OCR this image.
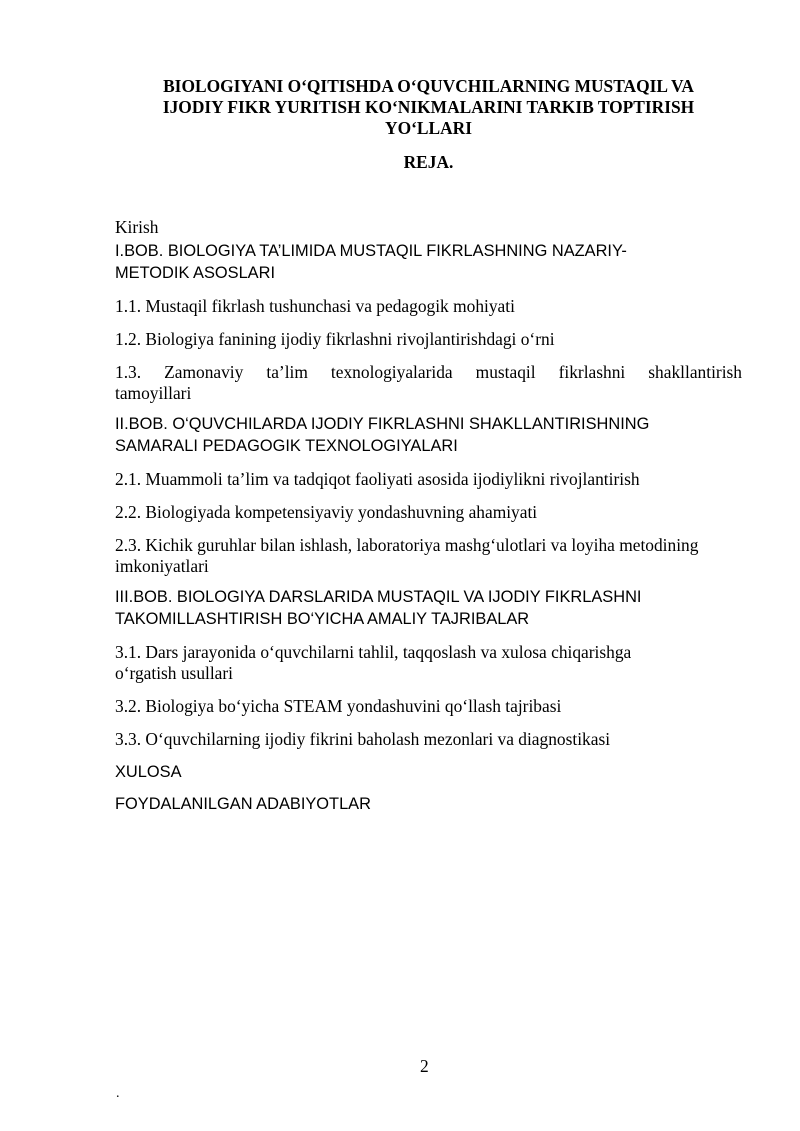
BIOLOGIYANI O‘QITISHDA O‘QUVCHILARNING MUSTAQIL VA
IJODIY FIKR YURITISH KO‘NIKMALARINI TARKIB TOPTIRISH
YO‘LLARI
REJA.
Kirish
I.BOB. BIOLOGIYA TA’LIMIDA MUSTAQIL FIKRLASHNING NAZARIY-
METODIK ASOSLARI
1.1. Mustaqil fikrlash tushunchasi va pedagogik mohiyati
1.2. Biologiya fanining ijodiy fikrlashni rivojlantirishdagi o‘rni
1.3. Zamonaviy ta’lim texnologiyalarida mustaqil fikrlashni shakllantirish
tamoyillari
II.BOB. O‘QUVCHILARDA IJODIY FIKRLASHNI SHAKLLANTIRISHNING
SAMARALI PEDAGOGIK TEXNOLOGIYALARI
2.1. Muammoli ta’lim va tadqiqot faoliyati asosida ijodiylikni rivojlantirish
2.2. Biologiyada kompetensiyaviy yondashuvning ahamiyati
2.3. Kichik guruhlar bilan ishlash, laboratoriya mashg‘ulotlari va loyiha metodining
imkoniyatlari
III.BOB. BIOLOGIYA DARSLARIDA MUSTAQIL VA IJODIY FIKRLASHNI
TAKOMILLASHTIRISH BO‘YICHA AMALIY TAJRIBALAR
3.1. Dars jarayonida o‘quvchilarni tahlil, taqqoslash va xulosa chiqarishga
o‘rgatish usullari
3.2. Biologiya bo‘yicha STEAM yondashuvini qo‘llash tajribasi
3.3. O‘quvchilarning ijodiy fikrini baholash mezonlari va diagnostikasi
XULOSA
FOYDALANILGAN ADABIYOTLAR
2
.
